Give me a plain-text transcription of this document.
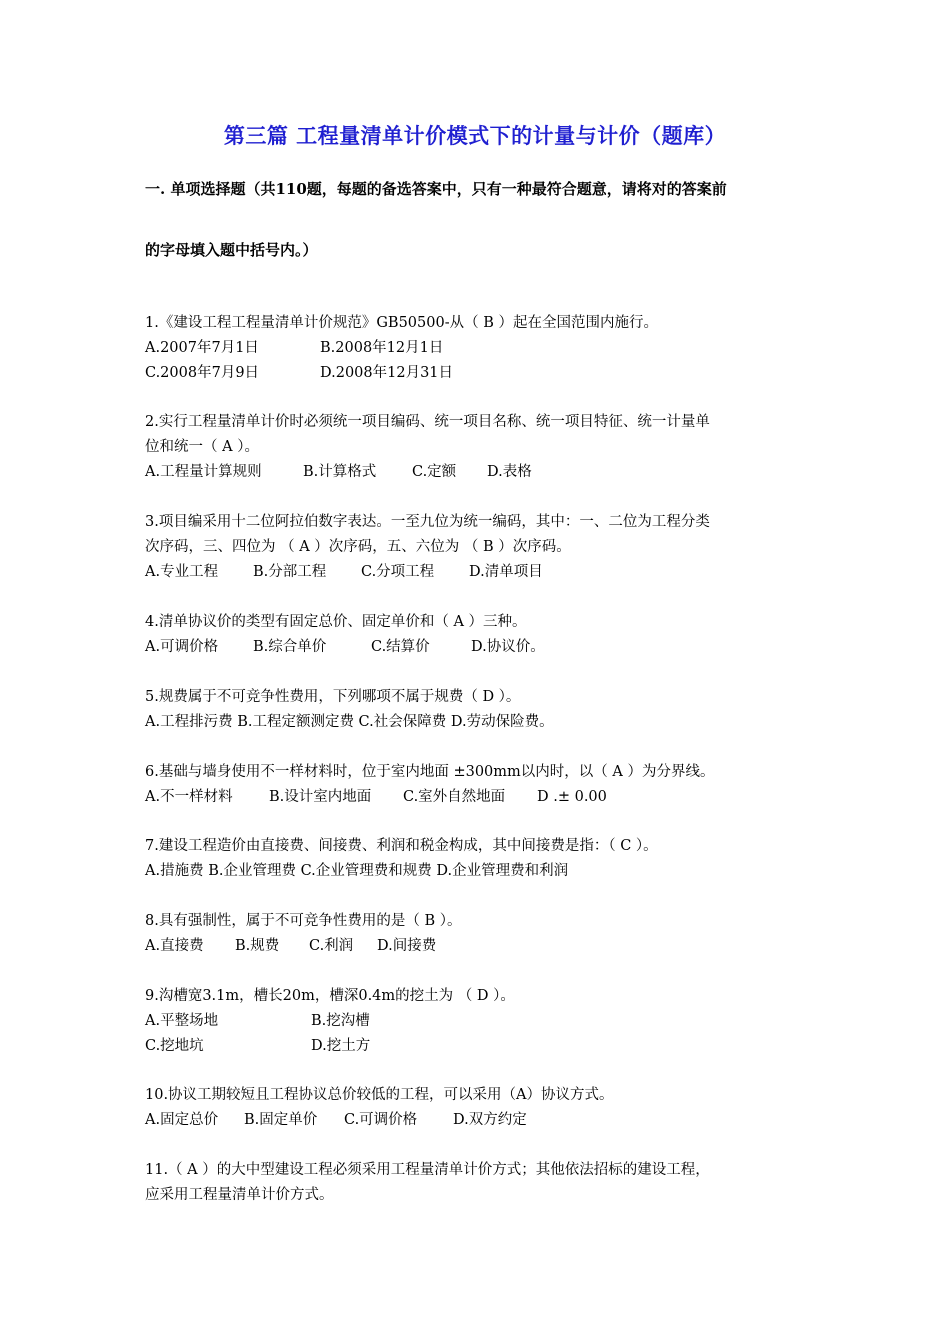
第三篇 工程量清单计价模式下的计量与计价（题库）
一. 单项选择题（共110题，每题的备选答案中，只有一种最符合题意，请将对的答案前
的字母填入题中括号内。）
1.《建设工程工程量清单计价规范》GB50500-从（ B ）起在全国范围内施行。
A.2007年7月1日	B.2008年12月1日
C.2008年7月9日	D.2008年12月31日
2.实行工程量清单计价时必须统一项目编码、统一项目名称、统一项目特征、统一计量单
位和统一（ A ）。
A.工程量计算规则	B.计算格式	C.定额	D.表格
3.项目编采用十二位阿拉伯数字表达。一至九位为统一编码，其中：一、二位为工程分类
次序码，三、四位为 （ A ）次序码，五、六位为 （ B ）次序码。
A.专业工程	B.分部工程	C.分项工程	D.清单项目
4.清单协议价的类型有固定总价、固定单价和（ A ）三种。
A.可调价格	B.综合单价	C.结算价	D.协议价。
5.规费属于不可竞争性费用，下列哪项不属于规费（ D ）。
A.工程排污费 B.工程定额测定费 C.社会保障费 D.劳动保险费。
6.基础与墙身使用不一样材料时，位于室内地面 ±300mm以内时，以（ A ）为分界线。
A.不一样材料	B.设计室内地面	C.室外自然地面	D .± 0.00
7.建设工程造价由直接费、间接费、利润和税金构成，其中间接费是指：（ C ）。
A.措施费 B.企业管理费 C.企业管理费和规费 D.企业管理费和利润
8.具有强制性，属于不可竞争性费用的是（ B ）。
A.直接费	B.规费	C.利润	D.间接费
9.沟槽宽3.1m，槽长20m，槽深0.4m的挖土为 （ D ）。
A.平整场地	B.挖沟槽
C.挖地坑	D.挖土方
10.协议工期较短且工程协议总价较低的工程，可以采用（A）协议方式。
A.固定总价	B.固定单价	C.可调价格	D.双方约定
11.（ A ）的大中型建设工程必须采用工程量清单计价方式；其他依法招标的建设工程，
应采用工程量清单计价方式。
